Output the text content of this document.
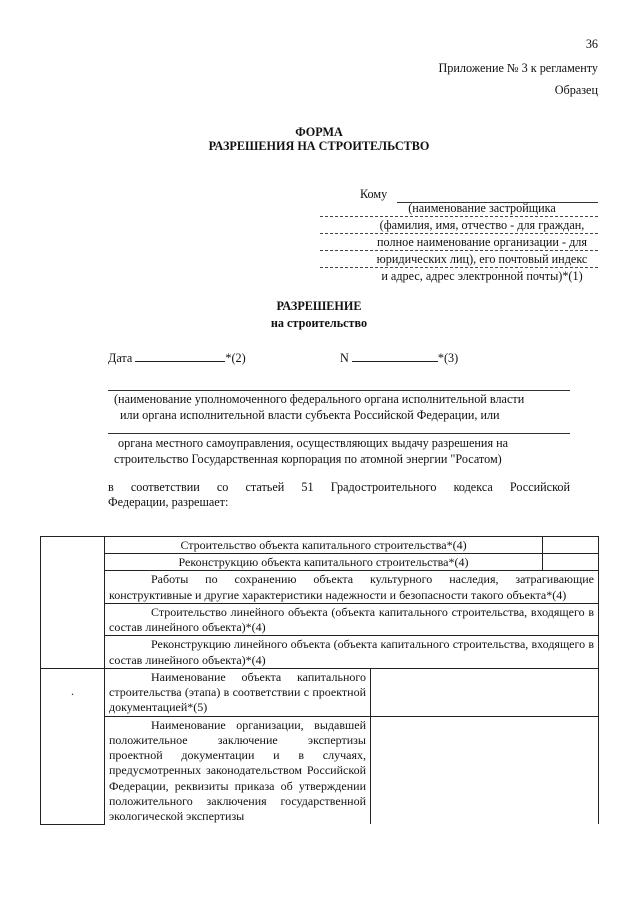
36
Приложение № 3 к регламенту
Образец
ФОРМА
РАЗРЕШЕНИЯ НА СТРОИТЕЛЬСТВО
Кому
(наименование застройщика
(фамилия, имя, отчество - для граждан,
полное наименование организации - для
юридических лиц), его почтовый индекс
и адрес, адрес электронной почты)*(1)
РАЗРЕШЕНИЕ
на строительство
Дата	*(2)	N	*(3)
(наименование уполномоченного федерального органа исполнительной власти
или органа исполнительной власти субъекта Российской Федерации, или
органа местного самоуправления, осуществляющих выдачу разрешения на
строительство Государственная корпорация по атомной энергии "Росатом)
в соответствии со статьей 51 Градостроительного кодекса Российской
Федерации, разрешает:
	Строительство объекта капитального строительства*(4)		
	Реконструкцию объекта капитального строительства*(4)		
	Работы по сохранению объекта культурного наследия, затрагивающие конструктивные и другие характеристики надежности и безопасности такого объекта*(4)		
	Строительство линейного объекта (объекта капитального строительства, входящего в состав линейного объекта)*(4)		
	Реконструкцию линейного объекта (объекта капитального строительства, входящего в состав линейного объекта)*(4)		

.	Наименование объекта капитального строительства (этапа) в соответствии с проектной документацией*(5)		
	Наименование организации, выдавшей положительное заключение экспертизы проектной документации и в случаях, предусмотренных законодательством Российской Федерации, реквизиты приказа об утверждении положительного заключения государственной экологической экспертизы		
